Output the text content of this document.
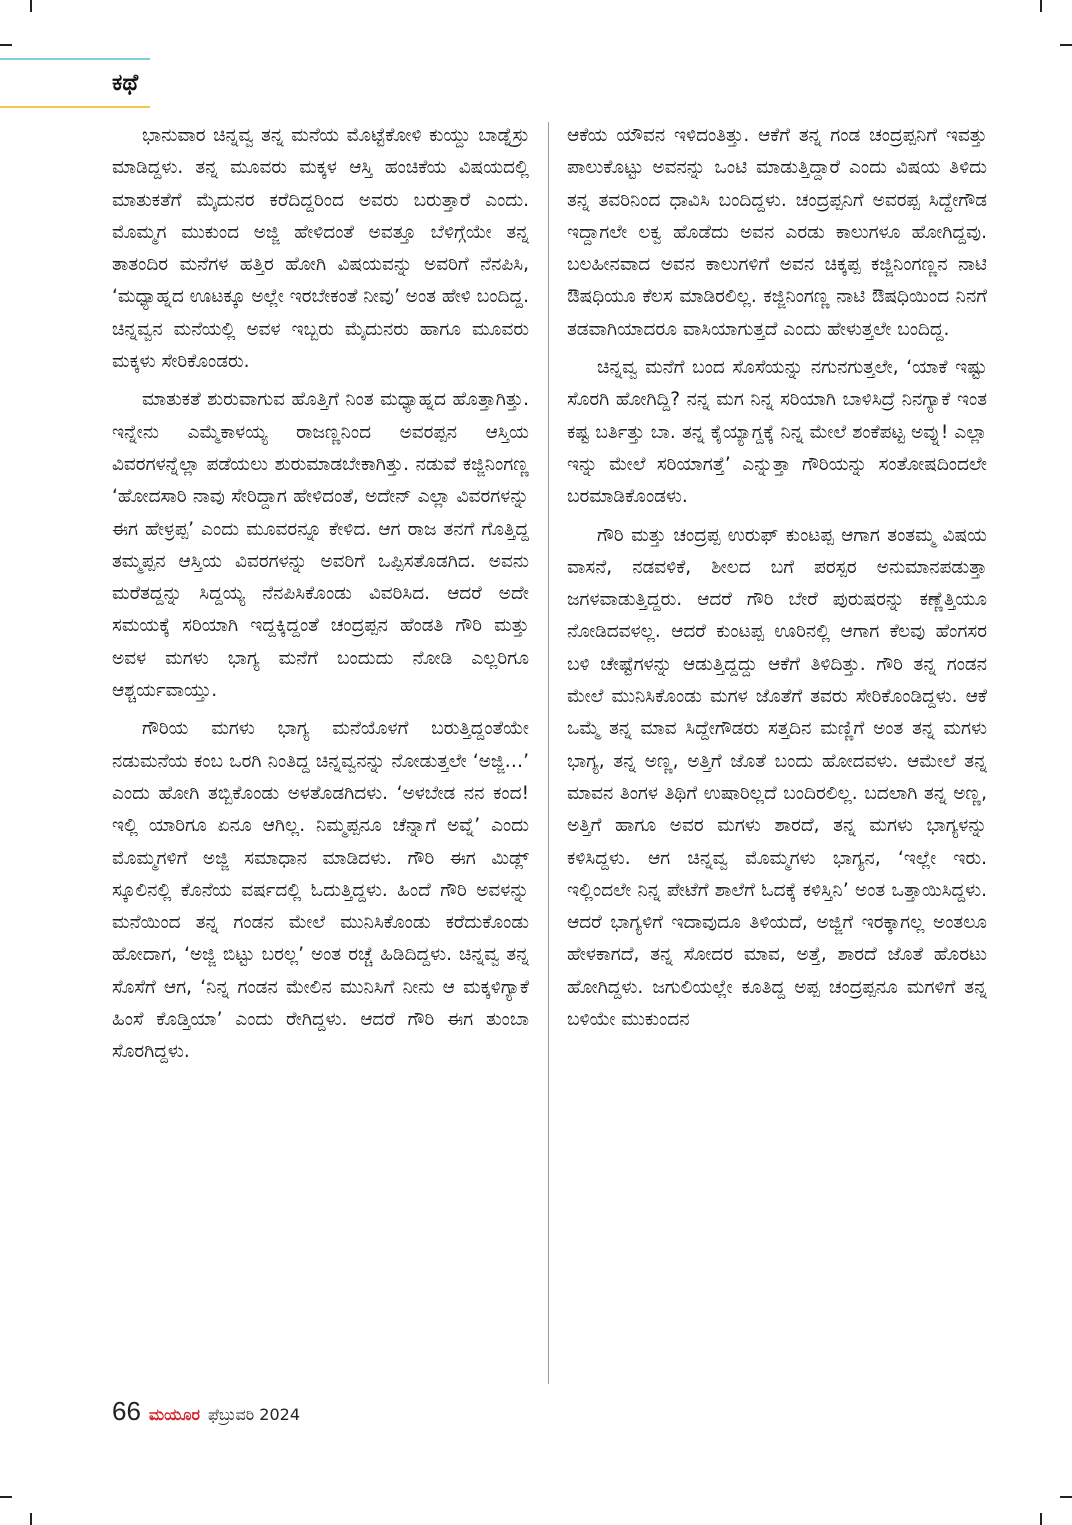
ಕಥೆ

ಭಾನುವಾರ ಚಿನ್ನವ್ವ ತನ್ನ ಮನೆಯ ಮೊಟ್ಟೆಕೋಳಿ ಕುಯ್ದು ಬಾಡ್ನೆಸ್ರು ಮಾಡಿದ್ದಳು. ತನ್ನ ಮೂವರು ಮಕ್ಕಳ ಆಸ್ತಿ ಹಂಚಿಕೆಯ ವಿಷಯದಲ್ಲಿ ಮಾತುಕತೆಗೆ ಮೈದುನರ ಕರೆದಿದ್ದರಿಂದ ಅವರು ಬರುತ್ತಾರೆ ಎಂದು. ಮೊಮ್ಮಗ ಮುಕುಂದ ಅಜ್ಜಿ ಹೇಳಿದಂತೆ ಅವತ್ತೂ ಬೆಳಿಗ್ಗೆಯೇ ತನ್ನ ತಾತಂದಿರ ಮನೆಗಳ ಹತ್ತಿರ ಹೋಗಿ ವಿಷಯವನ್ನು ಅವರಿಗೆ ನೆನಪಿಸಿ, ‘ಮಧ್ಯಾಹ್ನದ ಊಟಕ್ಕೂ ಅಲ್ಲೇ ಇರಬೇಕಂತೆ ನೀವು’ ಅಂತ ಹೇಳಿ ಬಂದಿದ್ದ. ಚಿನ್ನವ್ವನ ಮನೆಯಲ್ಲಿ ಅವಳ ಇಬ್ಬರು ಮೈದುನರು ಹಾಗೂ ಮೂವರು ಮಕ್ಕಳು ಸೇರಿಕೊಂಡರು.

ಮಾತುಕತೆ ಶುರುವಾಗುವ ಹೊತ್ತಿಗೆ ನಿಂತ ಮಧ್ಯಾಹ್ನದ ಹೊತ್ತಾಗಿತ್ತು. ಇನ್ನೇನು ಎಮ್ಮೆಕಾಳಯ್ಯ ರಾಜಣ್ಣನಿಂದ ಅವರಪ್ಪನ ಆಸ್ತಿಯ ವಿವರಗಳನ್ನೆಲ್ಲಾ ಪಡೆಯಲು ಶುರುಮಾಡಬೇಕಾಗಿತ್ತು. ನಡುವೆ ಕಜ್ಜಿನಿಂಗಣ್ಣ ‘ಹೋದಸಾರಿ ನಾವು ಸೇರಿದ್ದಾಗ ಹೇಳಿದಂತೆ, ಅದೇನ್ ಎಲ್ಲಾ ವಿವರಗಳನ್ನು ಈಗ ಹೇಳ್ರಪ್ಪ’ ಎಂದು ಮೂವರನ್ನೂ ಕೇಳಿದ. ಆಗ ರಾಜ ತನಗೆ ಗೊತ್ತಿದ್ದ ತಮ್ಮಪ್ಪನ ಆಸ್ತಿಯ ವಿವರಗಳನ್ನು ಅವರಿಗೆ ಒಪ್ಪಿಸತೊಡಗಿದ. ಅವನು ಮರೆತದ್ದನ್ನು ಸಿದ್ದಯ್ಯ ನೆನಪಿಸಿಕೊಂಡು ವಿವರಿಸಿದ. ಆದರೆ ಅದೇ ಸಮಯಕ್ಕೆ ಸರಿಯಾಗಿ ಇದ್ದಕ್ಕಿದ್ದಂತೆ ಚಂದ್ರಪ್ಪನ ಹೆಂಡತಿ ಗೌರಿ ಮತ್ತು ಅವಳ ಮಗಳು ಭಾಗ್ಯ ಮನೆಗೆ ಬಂದುದು ನೋಡಿ ಎಲ್ಲರಿಗೂ ಆಶ್ಚರ್ಯವಾಯ್ತು.

ಗೌರಿಯ ಮಗಳು ಭಾಗ್ಯ ಮನೆಯೊಳಗೆ ಬರುತ್ತಿದ್ದಂತೆಯೇ ನಡುಮನೆಯ ಕಂಬ ಒರಗಿ ನಿಂತಿದ್ದ ಚಿನ್ನವ್ವನನ್ನು ನೋಡುತ್ತಲೇ ‘ಅಜ್ಜಿ…’ ಎಂದು ಹೋಗಿ ತಬ್ಬಿಕೊಂಡು ಅಳತೊಡಗಿದಳು. ‘ಅಳಬೇಡ ನನ ಕಂದ! ಇಲ್ಲಿ ಯಾರಿಗೂ ಏನೂ ಆಗಿಲ್ಲ. ನಿಮ್ಮಪ್ಪನೂ ಚೆನ್ನಾಗೆ ಅವ್ನೆ’ ಎಂದು ಮೊಮ್ಮಗಳಿಗೆ ಅಜ್ಜಿ ಸಮಾಧಾನ ಮಾಡಿದಳು. ಗೌರಿ ಈಗ ಮಿಡ್ಲ್ ಸ್ಕೂಲಿನಲ್ಲಿ ಕೊನೆಯ ವರ್ಷದಲ್ಲಿ ಓದುತ್ತಿದ್ದಳು. ಹಿಂದೆ ಗೌರಿ ಅವಳನ್ನು ಮನೆಯಿಂದ ತನ್ನ ಗಂಡನ ಮೇಲೆ ಮುನಿಸಿಕೊಂಡು ಕರೆದುಕೊಂಡು ಹೋದಾಗ, ‘ಅಜ್ಜಿ ಬಿಟ್ಟು ಬರಲ್ಲ’ ಅಂತ ರಚ್ಚೆ ಹಿಡಿದಿದ್ದಳು. ಚಿನ್ನವ್ವ ತನ್ನ ಸೊಸೆಗೆ ಆಗ, ‘ನಿನ್ನ ಗಂಡನ ಮೇಲಿನ ಮುನಿಸಿಗೆ ನೀನು ಆ ಮಕ್ಕಳಿಗ್ಯಾಕೆ ಹಿಂಸೆ ಕೊಡ್ತಿಯಾ’ ಎಂದು ರೇಗಿದ್ದಳು. ಆದರೆ ಗೌರಿ ಈಗ ತುಂಬಾ ಸೊರಗಿದ್ದಳು.

ಆಕೆಯ ಯೌವನ ಇಳಿದಂತಿತ್ತು. ಆಕೆಗೆ ತನ್ನ ಗಂಡ ಚಂದ್ರಪ್ಪನಿಗೆ ಇವತ್ತು ಪಾಲುಕೊಟ್ಟು ಅವನನ್ನು ಒಂಟಿ ಮಾಡುತ್ತಿದ್ದಾರೆ ಎಂದು ವಿಷಯ ತಿಳಿದು ತನ್ನ ತವರಿನಿಂದ ಧಾವಿಸಿ ಬಂದಿದ್ದಳು. ಚಂದ್ರಪ್ಪನಿಗೆ ಅವರಪ್ಪ ಸಿದ್ದೇಗೌಡ ಇದ್ದಾಗಲೇ ಲಕ್ವ ಹೊಡೆದು ಅವನ ಎರಡು ಕಾಲುಗಳೂ ಹೋಗಿದ್ದವು. ಬಲಹೀನವಾದ ಅವನ ಕಾಲುಗಳಿಗೆ ಅವನ ಚಿಕ್ಕಪ್ಪ ಕಜ್ಜಿನಿಂಗಣ್ಣನ ನಾಟಿ ಔಷಧಿಯೂ ಕೆಲಸ ಮಾಡಿರಲಿಲ್ಲ. ಕಜ್ಜಿನಿಂಗಣ್ಣ ನಾಟಿ ಔಷಧಿಯಿಂದ ನಿನಗೆ ತಡವಾಗಿಯಾದರೂ ವಾಸಿಯಾಗುತ್ತದೆ ಎಂದು ಹೇಳುತ್ತಲೇ ಬಂದಿದ್ದ.

ಚಿನ್ನವ್ವ ಮನೆಗೆ ಬಂದ ಸೊಸೆಯನ್ನು ನಗುನಗುತ್ತಲೇ, ‘ಯಾಕೆ ಇಷ್ಟು ಸೊರಗಿ ಹೋಗಿದ್ದಿ? ನನ್ನ ಮಗ ನಿನ್ನ ಸರಿಯಾಗಿ ಬಾಳಿಸಿದ್ರೆ ನಿನಗ್ಯಾಕೆ ಇಂತ ಕಷ್ಟ ಬರ್ತಿತ್ತು ಬಾ. ತನ್ನ ಕೈಯ್ಯಾಗ್ದಕ್ಕೆ ನಿನ್ನ ಮೇಲೆ ಶಂಕೆಪಟ್ಟ ಅವ್ನು! ಎಲ್ಲಾ ಇನ್ನು ಮೇಲೆ ಸರಿಯಾಗತ್ತೆ’ ಎನ್ನುತ್ತಾ ಗೌರಿಯನ್ನು ಸಂತೋಷದಿಂದಲೇ ಬರಮಾಡಿಕೊಂಡಳು.

ಗೌರಿ ಮತ್ತು ಚಂದ್ರಪ್ಪ ಉರುಫ್ ಕುಂಟಪ್ಪ ಆಗಾಗ ತಂತಮ್ಮ ವಿಷಯ ವಾಸನೆ, ನಡವಳಿಕೆ, ಶೀಲದ ಬಗೆ ಪರಸ್ಪರ ಅನುಮಾನಪಡುತ್ತಾ ಜಗಳವಾಡುತ್ತಿದ್ದರು. ಆದರೆ ಗೌರಿ ಬೇರೆ ಪುರುಷರನ್ನು ಕಣ್ಣೆತ್ತಿಯೂ ನೋಡಿದವಳಲ್ಲ. ಆದರೆ ಕುಂಟಪ್ಪ ಊರಿನಲ್ಲಿ ಆಗಾಗ ಕೆಲವು ಹೆಂಗಸರ ಬಳಿ ಚೇಷ್ಟೆಗಳನ್ನು ಆಡುತ್ತಿದ್ದದ್ದು ಆಕೆಗೆ ತಿಳಿದಿತ್ತು. ಗೌರಿ ತನ್ನ ಗಂಡನ ಮೇಲೆ ಮುನಿಸಿಕೊಂಡು ಮಗಳ ಜೊತೆಗೆ ತವರು ಸೇರಿಕೊಂಡಿದ್ದಳು. ಆಕೆ ಒಮ್ಮೆ ತನ್ನ ಮಾವ ಸಿದ್ದೇಗೌಡರು ಸತ್ತದಿನ ಮಣ್ಣಿಗೆ ಅಂತ ತನ್ನ ಮಗಳು ಭಾಗ್ಯ, ತನ್ನ ಅಣ್ಣ, ಅತ್ತಿಗೆ ಜೊತೆ ಬಂದು ಹೋದವಳು. ಆಮೇಲೆ ತನ್ನ ಮಾವನ ತಿಂಗಳ ತಿಥಿಗೆ ಉಷಾರಿಲ್ಲದೆ ಬಂದಿರಲಿಲ್ಲ. ಬದಲಾಗಿ ತನ್ನ ಅಣ್ಣ, ಅತ್ತಿಗೆ ಹಾಗೂ ಅವರ ಮಗಳು ಶಾರದೆ, ತನ್ನ ಮಗಳು ಭಾಗ್ಯಳನ್ನು ಕಳಿಸಿದ್ದಳು. ಆಗ ಚಿನ್ನವ್ವ ಮೊಮ್ಮಗಳು ಭಾಗ್ಯನ, ‘ಇಲ್ಲೇ ಇರು. ಇಲ್ಲಿಂದಲೇ ನಿನ್ನ ಪೇಟೆಗೆ ಶಾಲೆಗೆ ಓದಕ್ಕೆ ಕಳಿಸ್ತಿನಿ’ ಅಂತ ಒತ್ತಾಯಿಸಿದ್ದಳು. ಆದರೆ ಭಾಗ್ಯಳಿಗೆ ಇದಾವುದೂ ತಿಳಿಯದೆ, ಅಜ್ಜಿಗೆ ಇರಕ್ಕಾಗಲ್ಲ ಅಂತಲೂ ಹೇಳಕಾಗದೆ, ತನ್ನ ಸೋದರ ಮಾವ, ಅತ್ತೆ, ಶಾರದೆ ಜೊತೆ ಹೊರಟು ಹೋಗಿದ್ದಳು. ಜಗುಲಿಯಲ್ಲೇ ಕೂತಿದ್ದ ಅಪ್ಪ ಚಂದ್ರಪ್ಪನೂ ಮಗಳಿಗೆ ತನ್ನ ಬಳಿಯೇ ಮುಕುಂದನ

66 ಮಯೂರ ಫೆಬ್ರುವರಿ 2024
